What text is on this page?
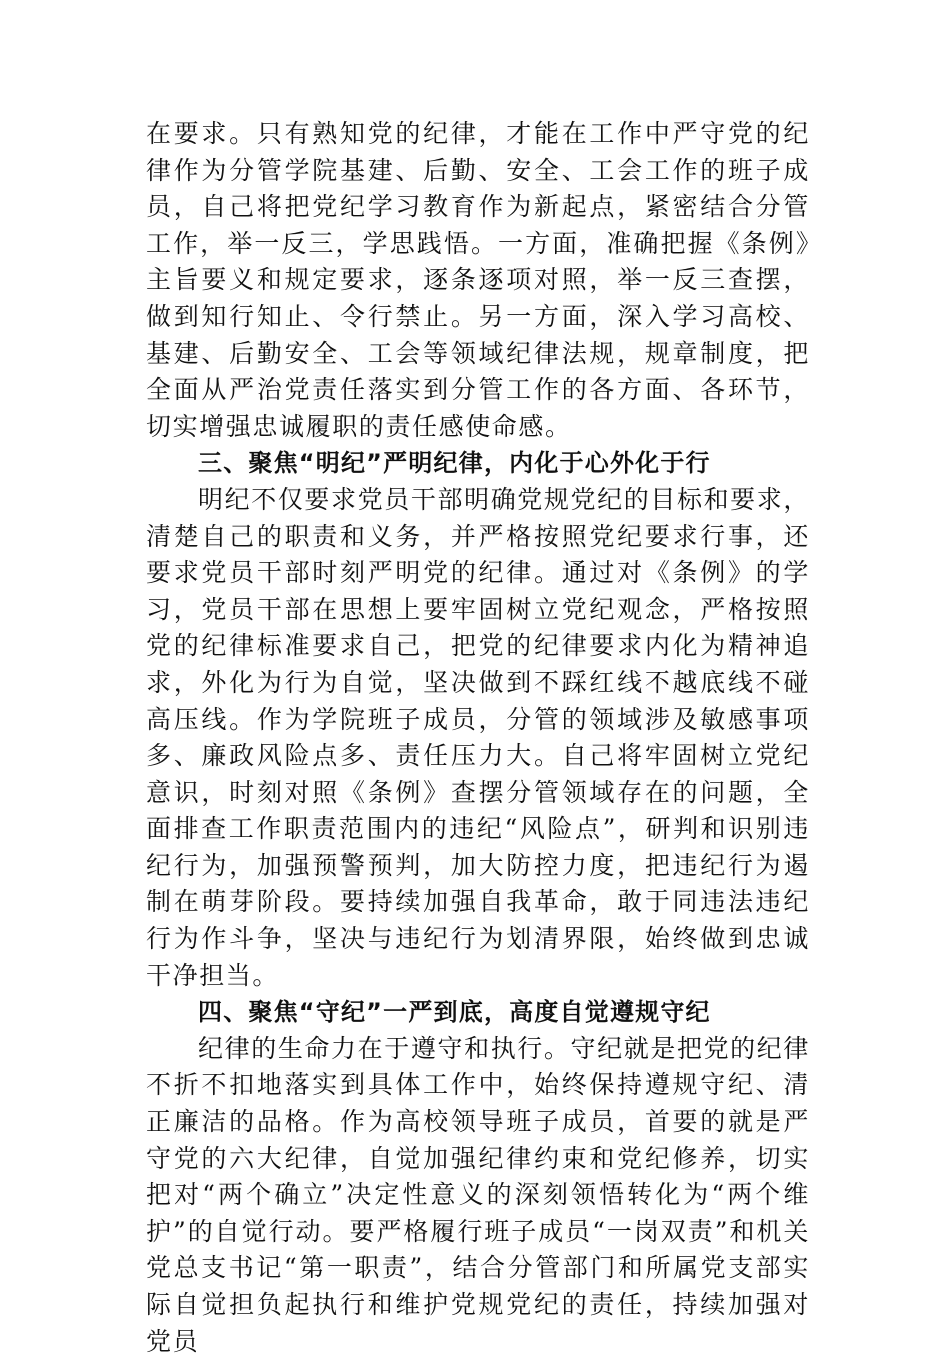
在要求。只有熟知党的纪律，才能在工作中严守党的纪律作为分管学院基建、后勤、安全、工会工作的班子成员，自己将把党纪学习教育作为新起点，紧密结合分管工作，举一反三，学思践悟。一方面，准确把握《条例》主旨要义和规定要求，逐条逐项对照，举一反三查摆，做到知行知止、令行禁止。另一方面，深入学习高校、基建、后勤安全、工会等领域纪律法规，规章制度，把全面从严治党责任落实到分管工作的各方面、各环节，切实增强忠诚履职的责任感使命感。

三、聚焦“明纪”严明纪律，内化于心外化于行

明纪不仅要求党员干部明确党规党纪的目标和要求，清楚自己的职责和义务，并严格按照党纪要求行事，还要求党员干部时刻严明党的纪律。通过对《条例》的学习，党员干部在思想上要牢固树立党纪观念，严格按照党的纪律标准要求自己，把党的纪律要求内化为精神追求，外化为行为自觉，坚决做到不踩红线不越底线不碰高压线。作为学院班子成员，分管的领域涉及敏感事项多、廉政风险点多、责任压力大。自己将牢固树立党纪意识，时刻对照《条例》查摆分管领域存在的问题，全面排查工作职责范围内的违纪“风险点”，研判和识别违纪行为，加强预警预判，加大防控力度，把违纪行为遏制在萌芽阶段。要持续加强自我革命，敢于同违法违纪行为作斗争，坚决与违纪行为划清界限，始终做到忠诚干净担当。

四、聚焦“守纪”一严到底，高度自觉遵规守纪

纪律的生命力在于遵守和执行。守纪就是把党的纪律不折不扣地落实到具体工作中，始终保持遵规守纪、清正廉洁的品格。作为高校领导班子成员，首要的就是严守党的六大纪律，自觉加强纪律约束和党纪修养，切实把对“两个确立”决定性意义的深刻领悟转化为“两个维护”的自觉行动。要严格履行班子成员“一岗双责”和机关党总支书记“第一职责”，结合分管部门和所属党支部实际自觉担负起执行和维护党规党纪的责任，持续加强对党员
